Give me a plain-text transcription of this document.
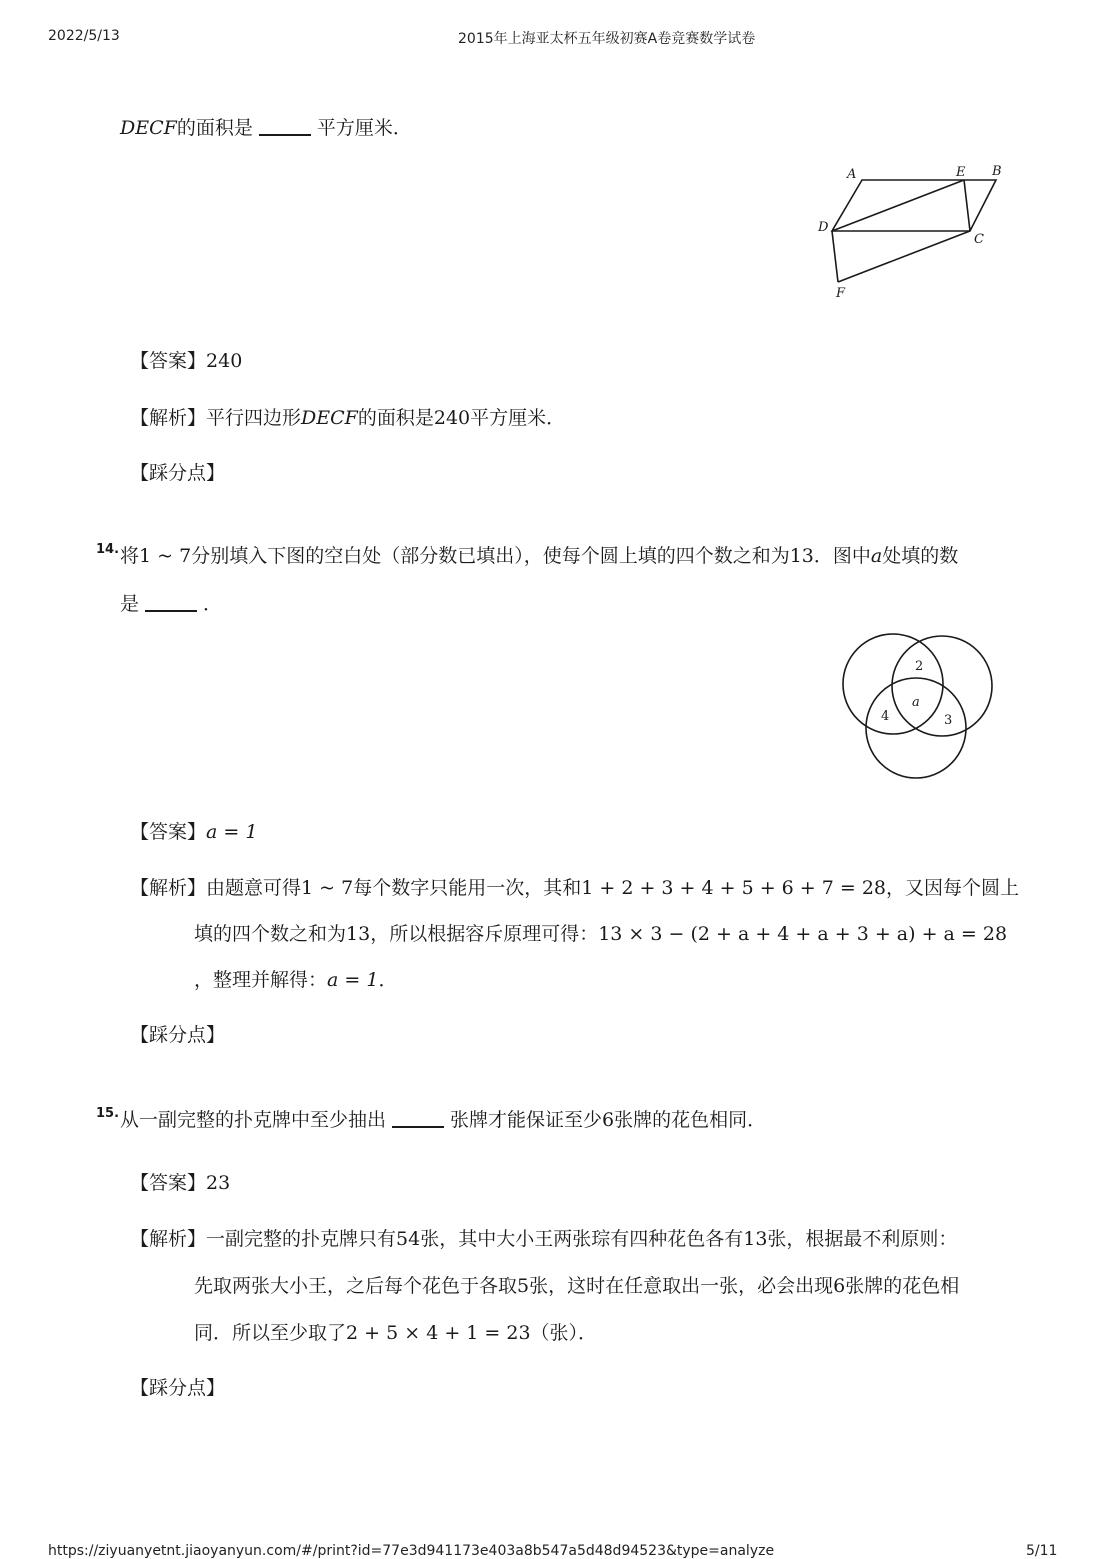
2022/5/13	2015年上海亚太杯五年级初赛A卷竞赛数学试卷
DECF的面积是	平方厘米．
A	E B
D
C
F
【答案】240
【解析】平行四边形DECF的面积是240平方厘米．
【踩分点】
14. 将1 ~ 7分别填入下图的空白处（部分数已填出），使每个圆上填的四个数之和为13．图中a处填的数
是	．
2
a
4	3
【答案】a = 1
【解析】由题意可得1 ~ 7每个数字只能用一次，其和1 + 2 + 3 + 4 + 5 + 6 + 7 = 28，又因每个圆上
填的四个数之和为13，所以根据容斥原理可得：13 × 3 − (2 + a + 4 + a + 3 + a) + a = 28
，整理并解得：a = 1．
【踩分点】
15. 从一副完整的扑克牌中至少抽出	张牌才能保证至少6张牌的花色相同．
【答案】23
【解析】一副完整的扑克牌只有54张，其中大小王两张琮有四种花色各有13张，根据最不利原则：
先取两张大小王，之后每个花色于各取5张，这时在任意取出一张，必会出现6张牌的花色相
同．所以至少取了2 + 5 × 4 + 1 = 23（张）．
【踩分点】
https://ziyuanyetnt.jiaoyanyun.com/#/print?id=77e3d941173e403a8b547a5d48d94523&type=analyze	5/11
